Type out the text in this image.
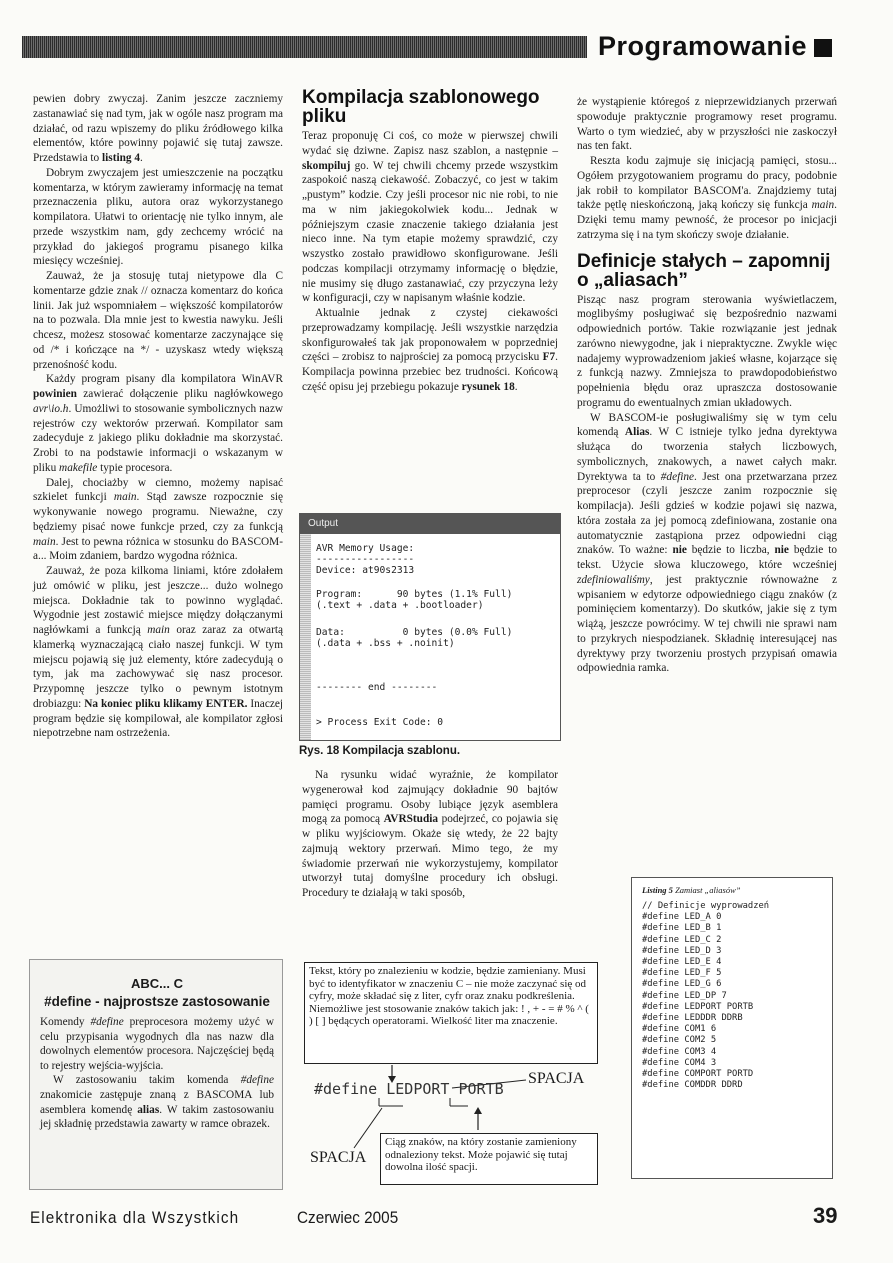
Programowanie

pewien dobry zwyczaj. Zanim jeszcze zaczniemy zastanawiać się nad tym, jak w ogóle nasz program ma działać, od razu wpiszemy do pliku źródłowego kilka elementów, które powinny pojawić się tutaj zawsze. Przedstawia to listing 4.

Dobrym zwyczajem jest umieszczenie na początku komentarza, w którym zawieramy informację na temat przeznaczenia pliku, autora oraz wykorzystanego kompilatora. Ułatwi to orientację nie tylko innym, ale przede wszystkim nam, gdy zechcemy wrócić na przykład do jakiegoś programu pisanego kilka miesięcy wcześniej.

Zauważ, że ja stosuję tutaj nietypowe dla C komentarze gdzie znak // oznacza komentarz do końca linii. Jak już wspomniałem – większość kompilatorów na to pozwala. Dla mnie jest to kwestia nawyku. Jeśli chcesz, możesz stosować komentarze zaczynające się od /* i kończące na */ - uzyskasz wtedy większą przenośność kodu.

Każdy program pisany dla kompilatora WinAVR powinien zawierać dołączenie pliku nagłówkowego avr\io.h. Umożliwi to stosowanie symbolicznych nazw rejestrów czy wektorów przerwań. Kompilator sam zadecyduje z jakiego pliku dokładnie ma skorzystać. Zrobi to na podstawie informacji o wskazanym w pliku makefile typie procesora.

Dalej, chociażby w ciemno, możemy napisać szkielet funkcji main. Stąd zawsze rozpocznie się wykonywanie nowego programu. Nieważne, czy będziemy pisać nowe funkcje przed, czy za funkcją main. Jest to pewna różnica w stosunku do BASCOM-a... Moim zdaniem, bardzo wygodna różnica.

Zauważ, że poza kilkoma liniami, które zdołałem już omówić w pliku, jest jeszcze... dużo wolnego miejsca. Dokładnie tak to powinno wyglądać. Wygodnie jest zostawić miejsce między dołączanymi nagłówkami a funkcją main oraz zaraz za otwartą klamerką wyznaczającą ciało naszej funkcji. W tym miejscu pojawią się już elementy, które zadecydują o tym, jak ma zachowywać się nasz procesor. Przypomnę jeszcze tylko o pewnym istotnym drobiazgu: Na koniec pliku klikamy ENTER. Inaczej program będzie się kompilował, ale kompilator zgłosi niepotrzebne nam ostrzeżenia.

Kompilacja szablonowego pliku

Teraz proponuję Ci coś, co może w pierwszej chwili wydać się dziwne. Zapisz nasz szablon, a następnie – skompiluj go. W tej chwili chcemy przede wszystkim zaspokoić naszą ciekawość. Zobaczyć, co jest w takim „pustym” kodzie. Czy jeśli procesor nic nie robi, to nie ma w nim jakiegokolwiek kodu... Jednak w późniejszym czasie znaczenie takiego działania jest nieco inne. Na tym etapie możemy sprawdzić, czy wszystko zostało prawidłowo skonfigurowane. Jeśli podczas kompilacji otrzymamy informację o błędzie, nie musimy się długo zastanawiać, czy przyczyna leży w konfiguracji, czy w napisanym właśnie kodzie.

Aktualnie jednak z czystej ciekawości przeprowadzamy kompilację. Jeśli wszystkie narzędzia skonfigurowałeś tak jak proponowałem w poprzedniej części – zrobisz to najprościej za pomocą przycisku F7. Kompilacja powinna przebiec bez trudności. Końcową część opisu jej przebiegu pokazuje rysunek 18.

Output
AVR Memory Usage:
-----------------
Device: at90s2313
Program:      90 bytes (1.1% Full)
(.text + .data + .bootloader)
Data:          0 bytes (0.0% Full)
(.data + .bss + .noinit)
-------- end --------
> Process Exit Code: 0
Rys. 18 Kompilacja szablonu.

Na rysunku widać wyraźnie, że kompilator wygenerował kod zajmujący dokładnie 90 bajtów pamięci programu. Osoby lubiące język asemblera mogą za pomocą AVRStudia podejrzeć, co pojawia się w pliku wyjściowym. Okaże się wtedy, że 22 bajty zajmują wektory przerwań. Mimo tego, że my świadomie przerwań nie wykorzystujemy, kompilator utworzył tutaj domyślne procedury ich obsługi. Procedury te działają w taki sposób,

że wystąpienie któregoś z nieprzewidzianych przerwań spowoduje praktycznie programowy reset programu. Warto o tym wiedzieć, aby w przyszłości nie zaskoczył nas ten fakt.

Reszta kodu zajmuje się inicjacją pamięci, stosu... Ogółem przygotowaniem programu do pracy, podobnie jak robił to kompilator BASCOM'a. Znajdziemy tutaj także pętlę nieskończoną, jaką kończy się funkcja main. Dzięki temu mamy pewność, że procesor po inicjacji zatrzyma się i na tym skończy swoje działanie.

Definicje stałych – zapomnij o „aliasach”

Pisząc nasz program sterowania wyświetlaczem, moglibyśmy posługiwać się bezpośrednio nazwami odpowiednich portów. Takie rozwiązanie jest jednak zarówno niewygodne, jak i niepraktyczne. Zwykle więc nadajemy wyprowadzeniom jakieś własne, kojarzące się z funkcją nazwy. Zmniejsza to prawdopodobieństwo popełnienia błędu oraz upraszcza dostosowanie programu do ewentualnych zmian układowych.

W BASCOM-ie posługiwaliśmy się w tym celu komendą Alias. W C istnieje tylko jedna dyrektywa służąca do tworzenia stałych liczbowych, symbolicznych, znakowych, a nawet całych makr. Dyrektywa ta to #define. Jest ona przetwarzana przez preprocesor (czyli jeszcze zanim rozpocznie się kompilacja). Jeśli gdzieś w kodzie pojawi się nazwa, która została za jej pomocą zdefiniowana, zostanie ona automatycznie zastąpiona przez odpowiedni ciąg znaków. To ważne: nie będzie to liczba, nie będzie to tekst. Użycie słowa kluczowego, które wcześniej zdefiniowaliśmy, jest praktycznie równoważne z wpisaniem w edytorze odpowiedniego ciągu znaków (z pominięciem komentarzy). Do skutków, jakie się z tym wiążą, jeszcze powrócimy. W tej chwili nie sprawi nam to przykrych niespodzianek. Składnię interesującej nas dyrektywy przy tworzeniu prostych przypisań omawia odpowiednia ramka.

ABC... C
#define - najprostsze zastosowanie

Komendy #define preprocesora możemy użyć w celu przypisania wygodnych dla nas nazw dla dowolnych elementów procesora. Najczęściej będą to rejestry wejścia-wyjścia.

W zastosowaniu takim komenda #define znakomicie zastępuje znaną z BASCOMA lub asemblera komendę alias. W takim zastosowaniu jej składnię przedstawia zawarty w ramce obrazek.

Tekst, który po znalezieniu w kodzie, będzie zamieniany. Musi być to identyfikator w znaczeniu C – nie może zaczynać się od cyfry, może składać się z liter, cyfr oraz znaku podkreślenia. Niemożliwe jest stosowanie znaków takich jak: ! , + - = # % ^ ( ) [ ] będących operatorami. Wielkość liter ma znaczenie.
#define LEDPORT PORTB
SPACJA
SPACJA
Ciąg znaków, na który zostanie zamieniony odnaleziony tekst. Może pojawić się tutaj dowolna ilość spacji.
Listing 5 Zamiast „aliasów”
// Definicje wyprowadzeń
#define LED_A 0
#define LED_B 1
#define LED_C 2
#define LED_D 3
#define LED_E 4
#define LED_F 5
#define LED_G 6
#define LED_DP 7
#define LEDPORT PORTB
#define LEDDDR DDRB
#define COM1 6
#define COM2 5
#define COM3 4
#define COM4 3
#define COMPORT PORTD
#define COMDDR DDRD
Elektronika dla Wszystkich	Czerwiec 2005	39
